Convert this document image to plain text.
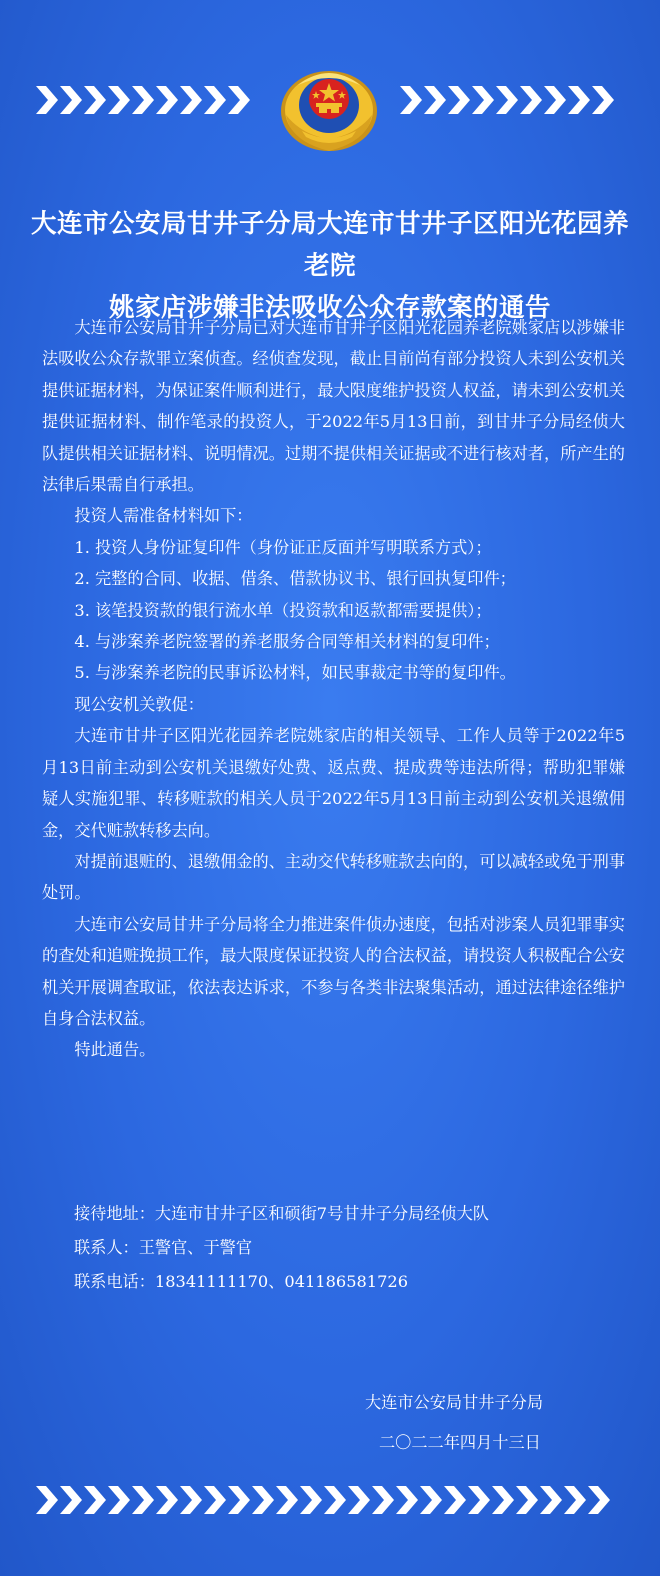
大连市公安局甘井子分局大连市甘井子区阳光花园养老院
姚家店涉嫌非法吸收公众存款案的通告

大连市公安局甘井子分局已对大连市甘井子区阳光花园养老院姚家店以涉嫌非法吸收公众存款罪立案侦查。经侦查发现，截止目前尚有部分投资人未到公安机关提供证据材料，为保证案件顺利进行，最大限度维护投资人权益，请未到公安机关提供证据材料、制作笔录的投资人，于2022年5月13日前，到甘井子分局经侦大队提供相关证据材料、说明情况。过期不提供相关证据或不进行核对者，所产生的法律后果需自行承担。

投资人需准备材料如下：

1. 投资人身份证复印件（身份证正反面并写明联系方式）；

2. 完整的合同、收据、借条、借款协议书、银行回执复印件；

3. 该笔投资款的银行流水单（投资款和返款都需要提供）；

4. 与涉案养老院签署的养老服务合同等相关材料的复印件；

5. 与涉案养老院的民事诉讼材料，如民事裁定书等的复印件。

现公安机关敦促：

大连市甘井子区阳光花园养老院姚家店的相关领导、工作人员等于2022年5月13日前主动到公安机关退缴好处费、返点费、提成费等违法所得；帮助犯罪嫌疑人实施犯罪、转移赃款的相关人员于2022年5月13日前主动到公安机关退缴佣金，交代赃款转移去向。

对提前退赃的、退缴佣金的、主动交代转移赃款去向的，可以减轻或免于刑事处罚。

大连市公安局甘井子分局将全力推进案件侦办速度，包括对涉案人员犯罪事实的查处和追赃挽损工作，最大限度保证投资人的合法权益，请投资人积极配合公安机关开展调查取证，依法表达诉求，不参与各类非法聚集活动，通过法律途径维护自身合法权益。

特此通告。

接待地址：大连市甘井子区和硕街7号甘井子分局经侦大队
联系人：王警官、于警官
联系电话：18341111170、041186581726
大连市公安局甘井子分局
二〇二二年四月十三日
